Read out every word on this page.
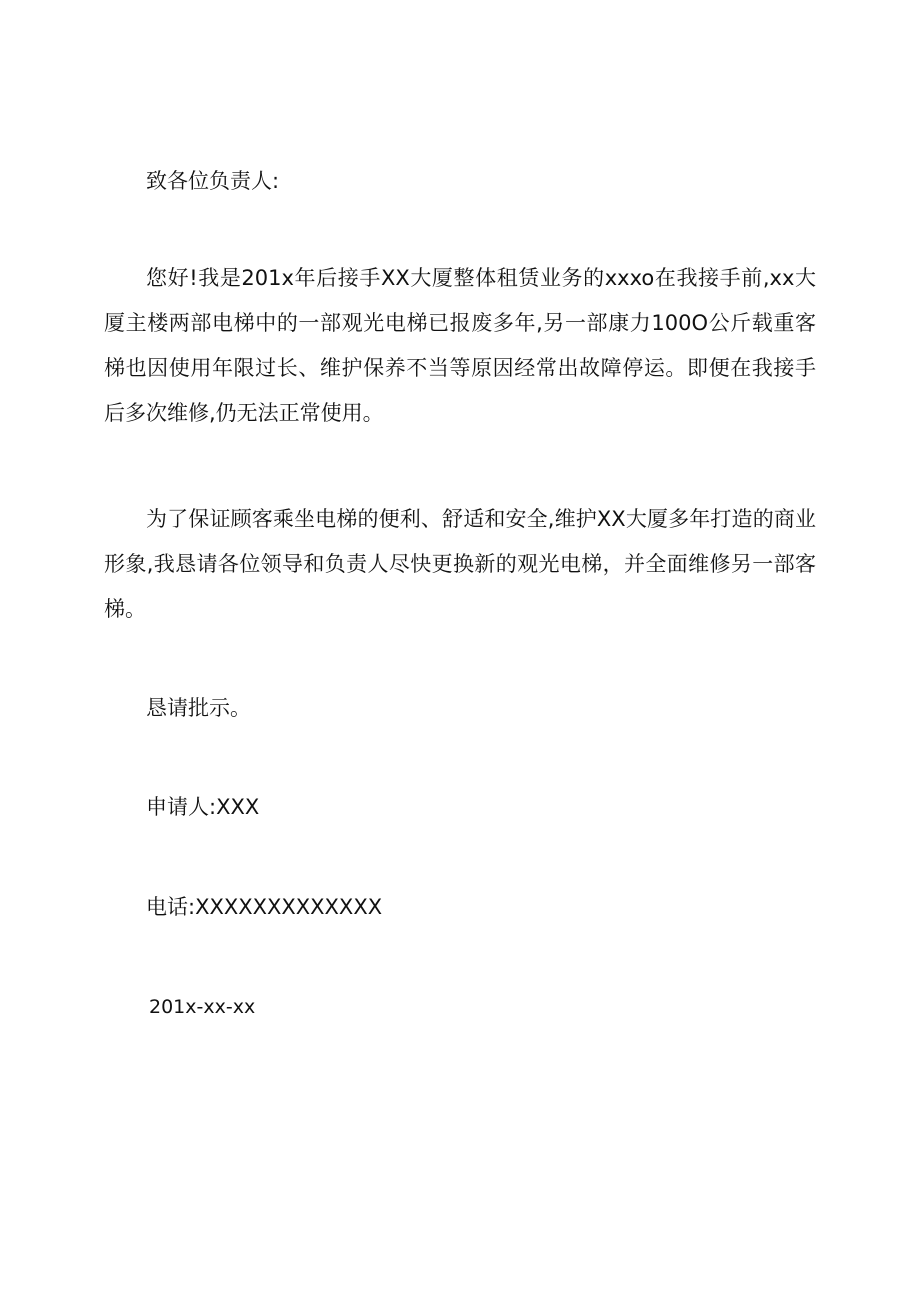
致各位负责人:
您好!我是201x年后接手XX大厦整体租赁业务的xxxo在我接手前,xx大厦主楼两部电梯中的一部观光电梯已报废多年,另一部康力100O公斤载重客梯也因使用年限过长、维护保养不当等原因经常出故障停运。即便在我接手后多次维修,仍无法正常使用。
为了保证顾客乘坐电梯的便利、舒适和安全,维护XX大厦多年打造的商业形象,我恳请各位领导和负责人尽快更换新的观光电梯，并全面维修另一部客梯。
恳请批示。
申请人:XXX
电话:XXXXXXXXXXXXX
201x-xx-xx
